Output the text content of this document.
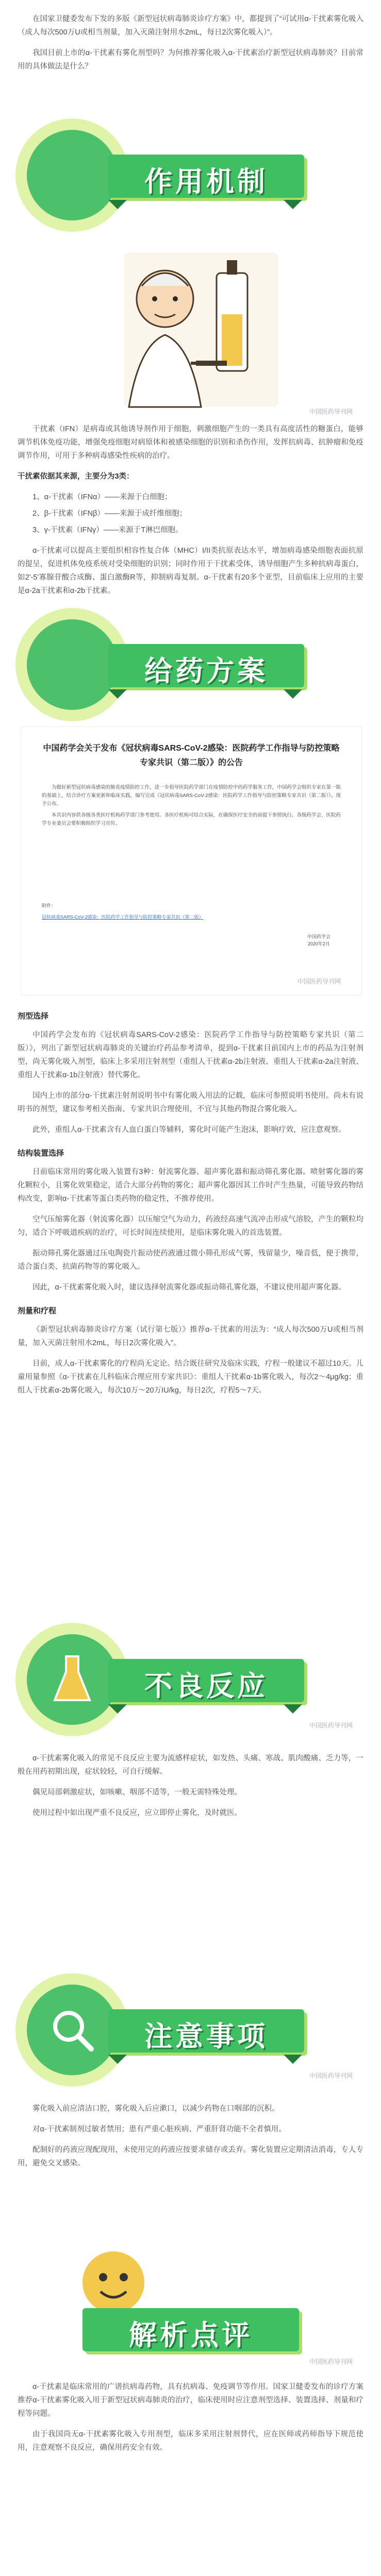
在国家卫健委发布下发的多版《新型冠状病毒肺炎诊疗方案》中，都提到了“可试用α-干扰素雾化吸入（成人每次500万U或相当剂量，加入灭菌注射用水2mL，每日2次雾化吸入）”。

我国目前上市的α-干扰素有雾化剂型吗？为何推荐雾化吸入α-干扰素治疗新型冠状病毒肺炎？目前常用的具体做法是什么？

作用机制
中国医药导刊网

干扰素（IFN）是病毒或其他诱导剂作用于细胞，刺激细胞产生的一类具有高度活性的糖蛋白，能够调节机体免疫功能，增强免疫细胞对病原体和被感染细胞的识别和杀伤作用，发挥抗病毒、抗肿瘤和免疫调节作用，可用于多种病毒感染性疾病的治疗。

干扰素依据其来源，主要分为3类：

1、α-干扰素（IFNα）——来源于白细胞；

2、β-干扰素（IFNβ）——来源于成纤维细胞；

3、γ-干扰素（IFNγ）——来源于T淋巴细胞。

α-干扰素可以提高主要组织相容性复合体（MHC）I/II类抗原表达水平，增加病毒感染细胞表面抗原的提呈，促进机体免疫系统对受染细胞的识别；同时作用于干扰素受体，诱导细胞产生多种抗病毒蛋白，如2'-5'寡腺苷酸合成酶、蛋白激酶R等，抑制病毒复制。α-干扰素有20多个亚型，目前临床上应用的主要是α-2a干扰素和α-2b干扰素。

给药方案
中国药学会关于发布《冠状病毒SARS-CoV-2感染：医院药学工作指导与防控策略专家共识（第二版）》的公告

为做好新型冠状病毒感染的肺炎疫情防控工作，进一步指导医院药学部门在疫情防控中的药学服务工作，中国药学会组织专家在第一版的基础上，结合诊疗方案更新和临床实践，编写完成《冠状病毒SARS-CoV-2感染：医院药学工作指导与防控策略专家共识（第二版）》。现予公布。

本共识内容供各级各类医疗机构药学部门参考使用。各医疗机构可结合实际，在确保医疗安全的前提下参照执行。各级药学会、医院药学专业委员会要积极组织学习宣传。

附件：
冠状病毒SARS-CoV-2感染：医院药学工作指导与防控策略专家共识（第二版）
中国药学会
2020年2月
中国医药导刊网

剂型选择

中国药学会发布的《冠状病毒SARS-CoV-2感染：医院药学工作指导与防控策略专家共识（第二版）》，列出了新型冠状病毒肺炎的关键治疗药品参考清单，提到α-干扰素目前国内上市的药品为注射剂型，尚无雾化吸入剂型，临床上多采用注射剂型（重组人干扰素α-2b注射液、重组人干扰素α-2a注射液、重组人干扰素α-1b注射液）替代雾化。

国内上市的部分α-干扰素注射剂说明书中有雾化吸入用法的记载，临床可参照说明书使用。尚未有说明书的剂型，建议参考相关指南、专家共识合理使用，不宜与其他药物混合雾化吸入。

此外，重组人α-干扰素含有人血白蛋白等辅料，雾化时可能产生泡沫，影响疗效，应注意观察。

结构装置选择

目前临床常用的雾化吸入装置有3种：射流雾化器、超声雾化器和振动筛孔雾化器。喷射雾化器的雾化颗粒小，且雾化效果稳定，适合大部分药物的雾化；超声雾化器因其工作时产生热量，可能导致药物结构改变，影响α-干扰素等蛋白类药物的稳定性，不推荐使用。

空气压缩雾化器（射流雾化器）以压缩空气为动力，药液经高速气流冲击形成气溶胶，产生的颗粒均匀，适合下呼吸道疾病的治疗，可长时间连续使用，是临床雾化吸入的首选装置。

振动筛孔雾化器通过压电陶瓷片振动使药液通过微小筛孔形成气雾，残留量少，噪音低，便于携带，适合蛋白类、抗菌药物等的雾化吸入。

因此，α-干扰素雾化吸入时，建议选择射流雾化器或振动筛孔雾化器，不建议使用超声雾化器。

剂量和疗程

《新型冠状病毒肺炎诊疗方案（试行第七版）》推荐α-干扰素的用法为：“成人每次500万U或相当剂量，加入灭菌注射用水2mL，每日2次雾化吸入”。

目前，成人α-干扰素雾化的疗程尚无定论。结合既往研究及临床实践，疗程一般建议不超过10天。儿童用量参照《α-干扰素在儿科临床合理应用专家共识》：重组人干扰素α-1b雾化吸入，每次2～4μg/kg；重组人干扰素α-2b雾化吸入，每次10万～20万IU/kg，每日2次，疗程5～7天。

不良反应
中国医药导刊网

α-干扰素雾化吸入的常见不良反应主要为流感样症状，如发热、头痛、寒战、肌肉酸痛、乏力等，一般在用药初期出现，症状较轻，可自行缓解。

偶见局部刺激症状，如咳嗽、咽部不适等，一般无需特殊处理。

使用过程中如出现严重不良反应，应立即停止雾化，及时就医。

注意事项
中国医药导刊网

雾化吸入前应清洁口腔，雾化吸入后应漱口，以减少药物在口咽部的沉积。

对α-干扰素制剂过敏者禁用；患有严重心脏疾病、严重肝肾功能不全者慎用。

配制好的药液应现配现用，未使用完的药液应按要求储存或丢弃。雾化装置应定期清洁消毒，专人专用，避免交叉感染。

解析点评
中国医药导刊网

α-干扰素是临床常用的广谱抗病毒药物，具有抗病毒、免疫调节等作用。国家卫健委发布的诊疗方案推荐α-干扰素雾化吸入用于新型冠状病毒肺炎的治疗，临床使用时应注意剂型选择、装置选择、剂量和疗程等问题。

由于我国尚无α-干扰素雾化吸入专用剂型，临床多采用注射剂替代，应在医师或药师指导下规范使用，注意观察不良反应，确保用药安全有效。
